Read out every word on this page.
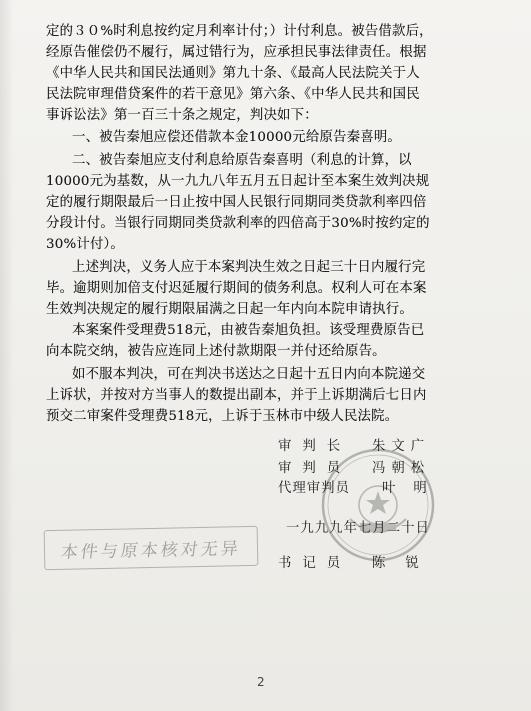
定的３０%时利息按约定月利率计付；）计付利息。被告借款后，
经原告催偿仍不履行，属过错行为，应承担民事法律责任。根据
《中华人民共和国民法通则》第九十条、《最高人民法院关于人
民法院审理借贷案件的若干意见》第六条、《中华人民共和国民
事诉讼法》第一百三十条之规定，判决如下：
一、被告秦旭应偿还借款本金10000元给原告秦喜明。
二、被告秦旭应支付利息给原告秦喜明（利息的计算，以
10000元为基数，从一九九八年五月五日起计至本案生效判决规
定的履行期限最后一日止按中国人民银行同期同类贷款利率四倍
分段计付。当银行同期同类贷款利率的四倍高于30%时按约定的
30%计付）。
上述判决，义务人应于本案判决生效之日起三十日内履行完
毕。逾期则加倍支付迟延履行期间的债务利息。权利人可在本案
生效判决规定的履行期限届满之日起一年内向本院申请执行。
本案案件受理费518元，由被告秦旭负担。该受理费原告已
向本院交纳，被告应连同上述付款期限一并付还给原告。
如不服本判决，可在判决书送达之日起十五日内向本院递交
上诉状，并按对方当事人的数提出副本，并于上诉期满后七日内
预交二审案件受理费518元，上诉于玉林市中级人民法院。
审判长 朱文广
审判员 冯朝松
代理审判员 叶明
一九九九年七月二十日
书记员 陈锐
本件与原本核对无异
2
